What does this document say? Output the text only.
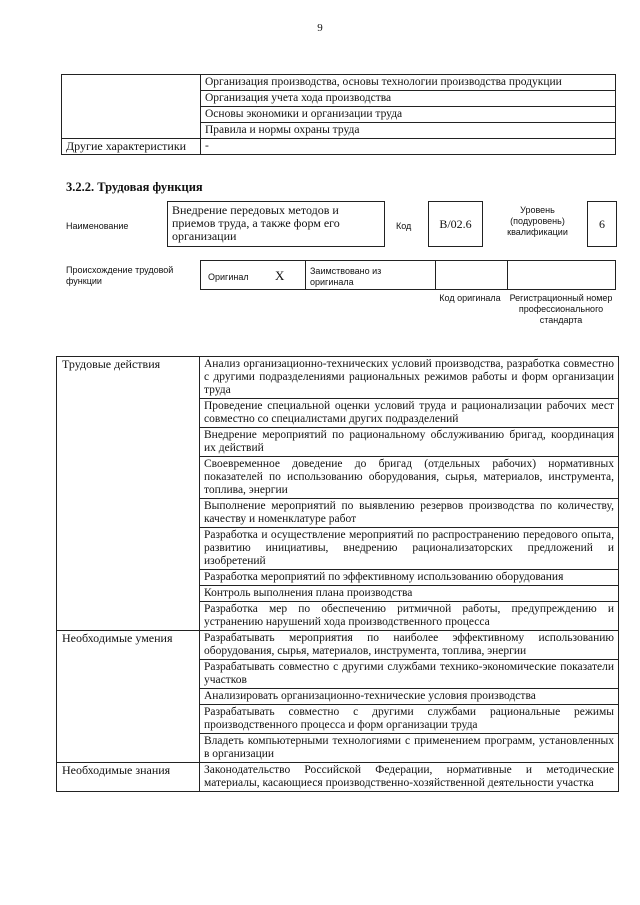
9
	Организация производства, основы технологии производства продукции
	Организация учета хода производства
	Основы экономики и организации труда
	Правила и нормы охраны труда
Другие характеристики	-
3.2.2. Трудовая функция
Наименование
Внедрение передовых методов и приемов труда, а также форм его организации
Код	B/02.6
Уровень (подуровень) квалификации
6
Происхождение трудовой функции	Оригинал X	Заимствовано из оригинала
Код оригинала Регистрационный номер профессионального стандарта
Трудовые действия	Анализ организационно-технических условий производства, разработка совместно с другими подразделениями рациональных режимов работы и форм организации труда
	Проведение специальной оценки условий труда и рационализации рабочих мест совместно со специалистами других подразделений
	Внедрение мероприятий по рациональному обслуживанию бригад, координация их действий
	Своевременное доведение до бригад (отдельных рабочих) нормативных показателей по использованию оборудования, сырья, материалов, инструмента, топлива, энергии
	Выполнение мероприятий по выявлению резервов производства по количеству, качеству и номенклатуре работ
	Разработка и осуществление мероприятий по распространению передового опыта, развитию инициативы, внедрению рационализаторских предложений и изобретений
	Разработка мероприятий по эффективному использованию оборудования
	Контроль выполнения плана производства
	Разработка мер по обеспечению ритмичной работы, предупреждению и устранению нарушений хода производственного процесса
Необходимые умения	Разрабатывать мероприятия по наиболее эффективному использованию оборудования, сырья, материалов, инструмента, топлива, энергии
	Разрабатывать совместно с другими службами технико-экономические показатели участков
	Анализировать организационно-технические условия производства
	Разрабатывать совместно с другими службами рациональные режимы производственного процесса и форм организации труда
	Владеть компьютерными технологиями с применением программ, установленных в организации
Необходимые знания	Законодательство Российской Федерации, нормативные и методические материалы, касающиеся производственно-хозяйственной деятельности участка
